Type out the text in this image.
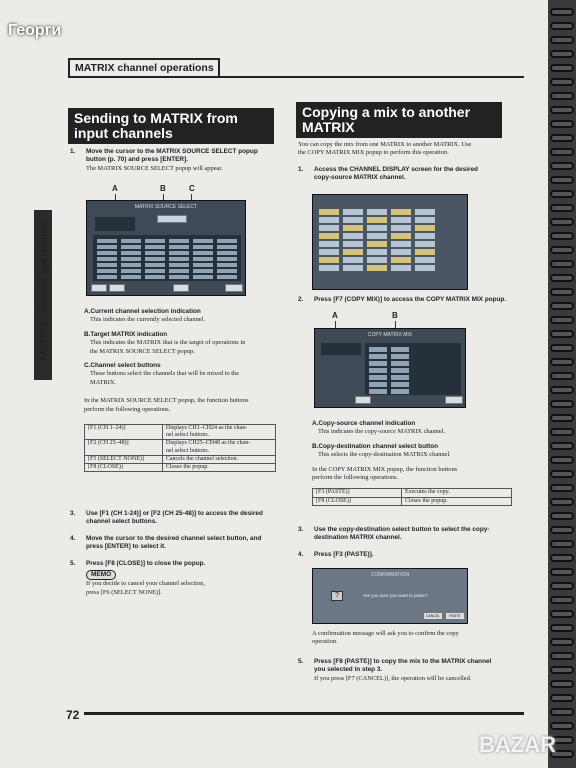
Георги
MATRIX channel operations
MATRIX channel operations
Sending to MATRIX from
input channels
1. Move the cursor to the MATRIX SOURCE SELECT popup
button (p. 70) and press [ENTER].
The MATRIX SOURCE SELECT popup will appear.
A	B	C
MATRIX SOURCE SELECT
A.Current channel selection indication
This indicates the currently selected channel.
B.Target MATRIX indication
This indicates the MATRIX that is the target of operations in
the MATRIX SOURCE SELECT popup.
C.Channel select buttons
These buttons select the channels that will be mixed to the
MATRIX.
In the MATRIX SOURCE SELECT popup, the function buttons
perform the following operations.
[F1 (CH 1–24)]	Displays CH1–CH24 as the chan-
nel select buttons.

[F2 (CH 25–48)]	Displays CH25–CH48 as the chan-
nel select buttons.

[F5 (SELECT NONE)]	Cancels the channel selection.

[F8 (CLOSE)]	Closes the popup.
3. Use [F1 (CH 1-24)] or [F2 (CH 25-48)] to access the desired
channel select buttons.
4. Move the cursor to the desired channel select button, and
press [ENTER] to select it.
5. Press [F8 (CLOSE)] to close the popup.
MEMO
If you decide to cancel your channel selection,
press [F6 (SELECT NONE)].
Copying a mix to another
MATRIX
You can copy the mix from one MATRIX to another MATRIX. Use
the COPY MATRIX MIX popup to perform this operation.
1. Access the CHANNEL DISPLAY screen for the desired
copy-source MATRIX channel.
2. Press [F7 (COPY MIX)] to access the COPY MATRIX MIX popup.
A	B
COPY MATRIX MIX
A.Copy-source channel indication
This indicates the copy-source MATRIX channel.
B.Copy-destination channel select button
This selects the copy-destination MATRIX channel.
In the COPY MATRIX MIX popup, the function buttons
perform the following operations.
[F3 (PASTE)]	Executes the copy.
[F8 (CLOSE)]	Closes the popup.
3. Use the copy-destination select button to select the copy-
destination MATRIX channel.
4. Press [F3 (PASTE)].
CONFIRMATION
?	Are you sure you want to paste?
CANCEL	PASTE
A confirmation message will ask you to confirm the copy
operation.
5. Press [F8 (PASTE)] to copy the mix to the MATRIX channel
you selected in step 3.
If you press [F7 (CANCEL)], the operation will be cancelled.
72
BAZAR
